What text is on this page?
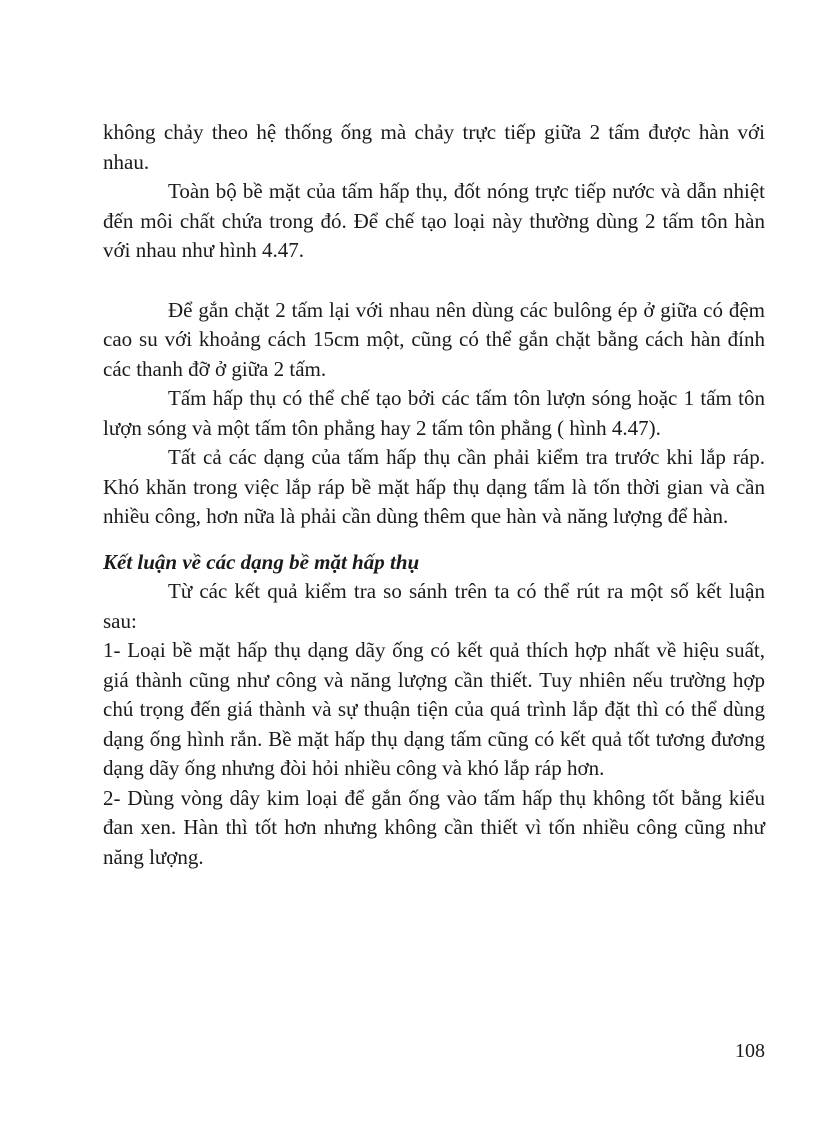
không chảy theo hệ thống ống mà chảy trực tiếp giữa 2 tấm được hàn với nhau.

Toàn bộ bề mặt của tấm hấp thụ, đốt nóng trực tiếp nước và dẫn nhiệt đến môi chất chứa trong đó. Để chế tạo loại này thường dùng 2 tấm tôn hàn với nhau như hình 4.47.

Để gắn chặt 2 tấm lại với nhau nên dùng các bulông ép ở giữa có đệm cao su với khoảng cách 15cm một, cũng có thể gắn chặt bằng cách hàn đính các thanh đỡ ở giữa 2 tấm.

Tấm hấp thụ có thể chế tạo bởi các tấm tôn lượn sóng hoặc 1 tấm tôn lượn sóng và một tấm tôn phẳng hay 2 tấm tôn phẳng ( hình 4.47).

Tất cả các dạng của tấm hấp thụ cần phải kiểm tra trước khi lắp ráp. Khó khăn trong việc lắp ráp bề mặt hấp thụ dạng tấm là tốn thời gian và cần nhiều công, hơn nữa là phải cần dùng thêm que hàn và năng lượng để hàn.

Kết luận về các dạng bề mặt hấp thụ

Từ các kết quả kiểm tra so sánh trên ta có thể rút ra một số kết luận sau:

1- Loại bề mặt hấp thụ dạng dãy ống có kết quả thích hợp nhất về hiệu suất, giá thành cũng như công và năng lượng cần thiết. Tuy nhiên nếu trường hợp chú trọng đến giá thành và sự thuận tiện của quá trình lắp đặt thì có thể dùng dạng ống hình rắn. Bề mặt hấp thụ dạng tấm cũng có kết quả tốt tương đương dạng dãy ống nhưng đòi hỏi nhiều công và khó lắp ráp hơn.

2- Dùng vòng dây kim loại để gắn ống vào tấm hấp thụ không tốt bằng kiểu đan xen. Hàn thì tốt hơn nhưng không cần thiết vì tốn nhiều công cũng như năng lượng.

108
